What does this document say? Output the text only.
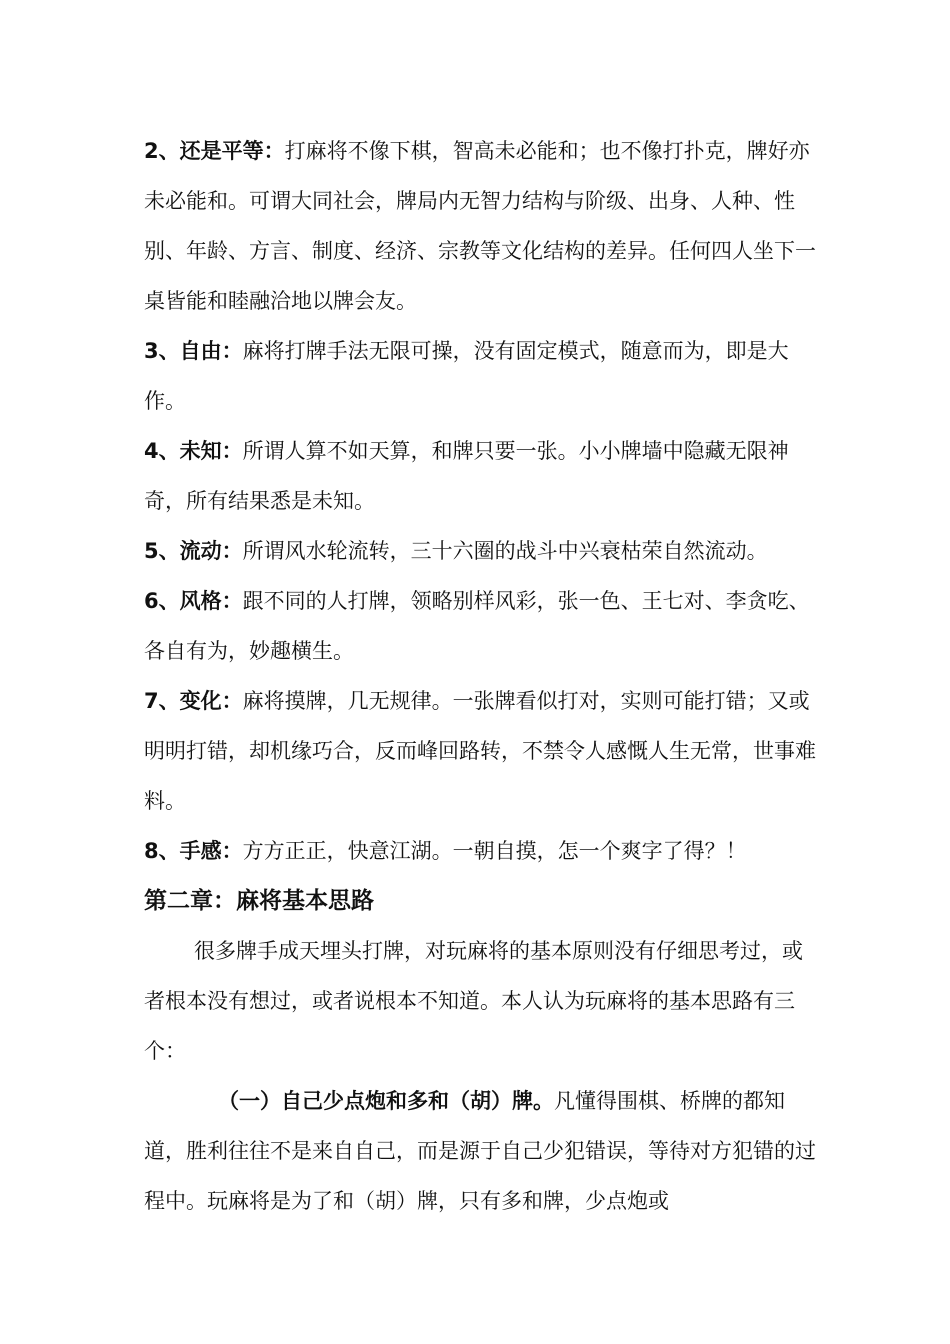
2、还是平等：打麻将不像下棋，智高未必能和；也不像打扑克，牌好亦未必能和。可谓大同社会，牌局内无智力结构与阶级、出身、人种、性别、年龄、方言、制度、经济、宗教等文化结构的差异。任何四人坐下一桌皆能和睦融洽地以牌会友。

3、自由：麻将打牌手法无限可操，没有固定模式，随意而为，即是大作。

4、未知：所谓人算不如天算，和牌只要一张。小小牌墙中隐藏无限神奇，所有结果悉是未知。

5、流动：所谓风水轮流转，三十六圈的战斗中兴衰枯荣自然流动。

6、风格：跟不同的人打牌，领略别样风彩，张一色、王七对、李贪吃、各自有为，妙趣横生。

7、变化：麻将摸牌，几无规律。一张牌看似打对，实则可能打错；又或明明打错，却机缘巧合，反而峰回路转，不禁令人感慨人生无常，世事难料。

8、手感：方方正正，快意江湖。一朝自摸，怎一个爽字了得？！

第二章：麻将基本思路

很多牌手成天埋头打牌，对玩麻将的基本原则没有仔细思考过，或者根本没有想过，或者说根本不知道。本人认为玩麻将的基本思路有三个：

（一）自己少点炮和多和（胡）牌。凡懂得围棋、桥牌的都知道，胜利往往不是来自自己，而是源于自己少犯错误，等待对方犯错的过程中。玩麻将是为了和（胡）牌，只有多和牌，少点炮或
